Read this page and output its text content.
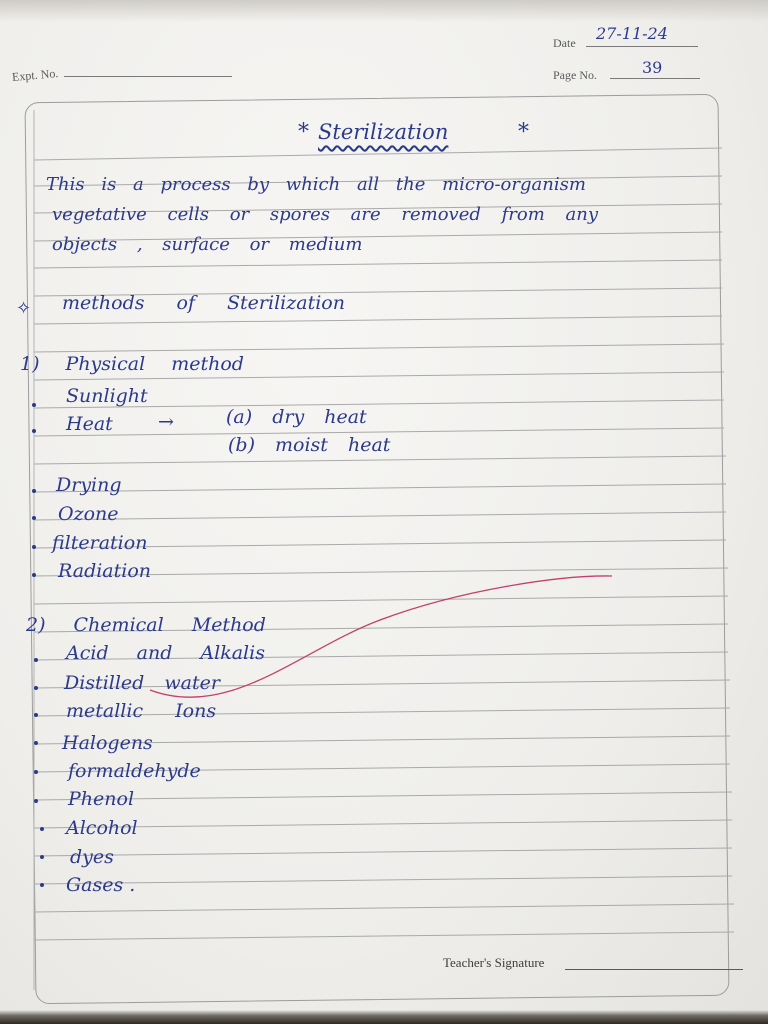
Expt. No.
Date 27-11-24
Page No.	39
* Sterilization	*
This is a process by which all the micro-organism
vegetative cells or spores are removed from any
objects , surface or medium
✧ methods of Sterilization
1) Physical method
Sunlight
Heat →	(a) dry heat
(b) moist heat
Drying
Ozone
filteration
Radiation
2) Chemical Method
Acid and Alkalis
Distilled water
metallic Ions
Halogens
formaldehyde
Phenol
Alcohol
dyes
Gases .
Teacher's Signature
